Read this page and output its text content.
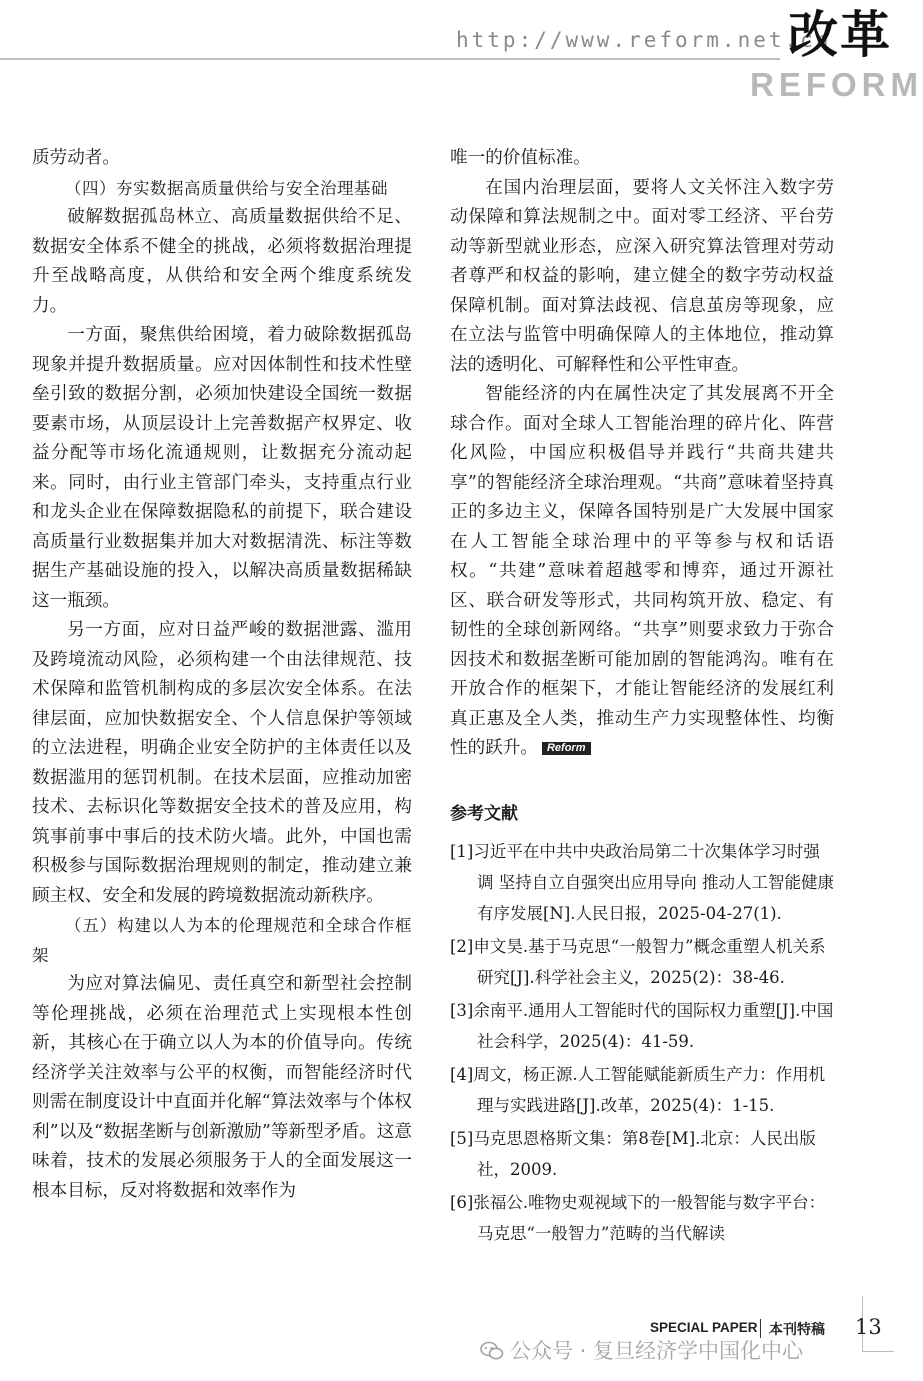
http://www.reform.net.cn
改革
REFORM

质劳动者。

（四）夯实数据高质量供给与安全治理基础

破解数据孤岛林立、高质量数据供给不足、数据安全体系不健全的挑战，必须将数据治理提升至战略高度，从供给和安全两个维度系统发力。

一方面，聚焦供给困境，着力破除数据孤岛现象并提升数据质量。应对因体制性和技术性壁垒引致的数据分割，必须加快建设全国统一数据要素市场，从顶层设计上完善数据产权界定、收益分配等市场化流通规则，让数据充分流动起来。同时，由行业主管部门牵头，支持重点行业和龙头企业在保障数据隐私的前提下，联合建设高质量行业数据集并加大对数据清洗、标注等数据生产基础设施的投入，以解决高质量数据稀缺这一瓶颈。

另一方面，应对日益严峻的数据泄露、滥用及跨境流动风险，必须构建一个由法律规范、技术保障和监管机制构成的多层次安全体系。在法律层面，应加快数据安全、个人信息保护等领域的立法进程，明确企业安全防护的主体责任以及数据滥用的惩罚机制。在技术层面，应推动加密技术、去标识化等数据安全技术的普及应用，构筑事前事中事后的技术防火墙。此外，中国也需积极参与国际数据治理规则的制定，推动建立兼顾主权、安全和发展的跨境数据流动新秩序。

（五）构建以人为本的伦理规范和全球合作框架

为应对算法偏见、责任真空和新型社会控制等伦理挑战，必须在治理范式上实现根本性创新，其核心在于确立以人为本的价值导向。传统经济学关注效率与公平的权衡，而智能经济时代则需在制度设计中直面并化解“算法效率与个体权利”以及“数据垄断与创新激励”等新型矛盾。这意味着，技术的发展必须服务于人的全面发展这一根本目标，反对将数据和效率作为

唯一的价值标准。

在国内治理层面，要将人文关怀注入数字劳动保障和算法规制之中。面对零工经济、平台劳动等新型就业形态，应深入研究算法管理对劳动者尊严和权益的影响，建立健全的数字劳动权益保障机制。面对算法歧视、信息茧房等现象，应在立法与监管中明确保障人的主体地位，推动算法的透明化、可解释性和公平性审查。

智能经济的内在属性决定了其发展离不开全球合作。面对全球人工智能治理的碎片化、阵营化风险，中国应积极倡导并践行“共商共建共享”的智能经济全球治理观。“共商”意味着坚持真正的多边主义，保障各国特别是广大发展中国家在人工智能全球治理中的平等参与权和话语权。“共建”意味着超越零和博弈，通过开源社区、联合研发等形式，共同构筑开放、稳定、有韧性的全球创新网络。“共享”则要求致力于弥合因技术和数据垄断可能加剧的智能鸿沟。唯有在开放合作的框架下，才能让智能经济的发展红利真正惠及全人类，推动生产力实现整体性、均衡性的跃升。 Reform

参考文献
[1]习近平在中共中央政治局第二十次集体学习时强调 坚持自立自强突出应用导向 推动人工智能健康有序发展[N].人民日报，2025-04-27(1).
[2]申文昊.基于马克思“一般智力”概念重塑人机关系研究[J].科学社会主义，2025(2)：38-46.
[3]余南平.通用人工智能时代的国际权力重塑[J].中国社会科学，2025(4)：41-59.
[4]周文，杨正源.人工智能赋能新质生产力：作用机理与实践进路[J].改革，2025(4)：1-15.
[5]马克思恩格斯文集：第8卷[M].北京：人民出版社，2009.
[6]张福公.唯物史观视域下的一般智能与数字平台：马克思“一般智力”范畴的当代解读
SPECIAL PAPER 本刊特稿 13
公众号 · 复旦经济学中国化中心
